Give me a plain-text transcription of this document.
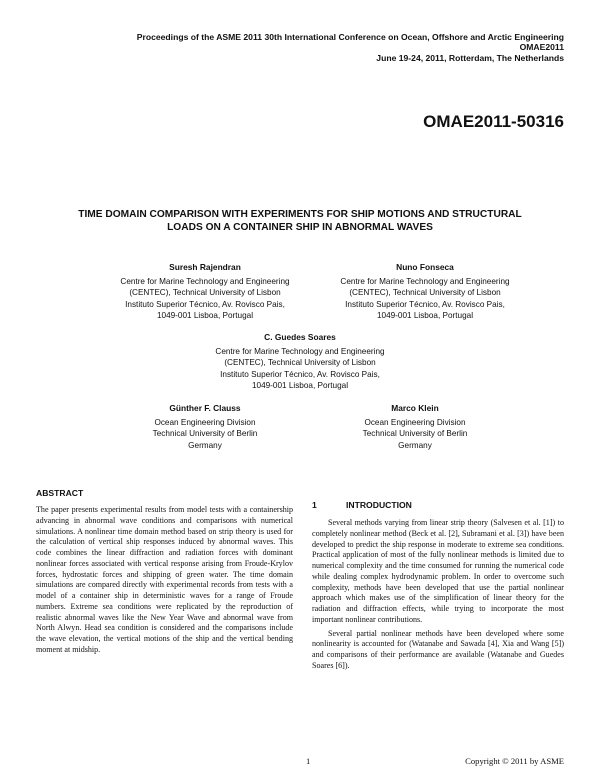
Proceedings of the ASME 2011 30th International Conference on Ocean, Offshore and Arctic Engineering
OMAE2011
June 19-24, 2011, Rotterdam, The Netherlands
OMAE2011-50316
TIME DOMAIN COMPARISON WITH EXPERIMENTS FOR SHIP MOTIONS AND STRUCTURAL
LOADS ON A CONTAINER SHIP IN ABNORMAL WAVES
Suresh Rajendran
Centre for Marine Technology and Engineering
(CENTEC), Technical University of Lisbon
Instituto Superior Técnico, Av. Rovisco Pais,
1049-001 Lisboa, Portugal
Nuno Fonseca
Centre for Marine Technology and Engineering
(CENTEC), Technical University of Lisbon
Instituto Superior Técnico, Av. Rovisco Pais,
1049-001 Lisboa, Portugal
C. Guedes Soares
Centre for Marine Technology and Engineering
(CENTEC), Technical University of Lisbon
Instituto Superior Técnico, Av. Rovisco Pais,
1049-001 Lisboa, Portugal
Günther F. Clauss
Ocean Engineering Division
Technical University of Berlin
Germany
Marco Klein
Ocean Engineering Division
Technical University of Berlin
Germany
ABSTRACT

The paper presents experimental results from model tests with a containership advancing in abnormal wave conditions and comparisons with numerical simulations. A nonlinear time domain method based on strip theory is used for the calculation of vertical ship responses induced by abnormal waves. This code combines the linear diffraction and radiation forces with dominant nonlinear forces associated with vertical response arising from Froude-Krylov forces, hydrostatic forces and shipping of green water. The time domain simulations are compared directly with experimental records from tests with a model of a container ship in deterministic waves for a range of Froude numbers. Extreme sea conditions were replicated by the reproduction of realistic abnormal waves like the New Year Wave and abnormal wave from North Alwyn. Head sea condition is considered and the comparisons include the wave elevation, the vertical motions of the ship and the vertical bending moment at midship.

1	INTRODUCTION

Several methods varying from linear strip theory (Salvesen et al. [1]) to completely nonlinear method (Beck et al. [2], Subramani et al. [3]) have been developed to predict the ship response in moderate to extreme sea conditions. Practical application of most of the fully nonlinear methods is limited due to numerical complexity and the time consumed for running the numerical code while dealing complex hydrodynamic problem. In order to overcome such complexity, methods have been developed that use the partial nonlinear approach which makes use of the simplification of linear theory for the radiation and diffraction effects, while trying to incorporate the most important nonlinear contributions.

Several partial nonlinear methods have been developed where some nonlinearity is accounted for (Watanabe and Sawada [4], Xia and Wang [5]) and comparisons of their performance are available (Watanabe and Guedes Soares [6]).

1	Copyright © 2011 by ASME
